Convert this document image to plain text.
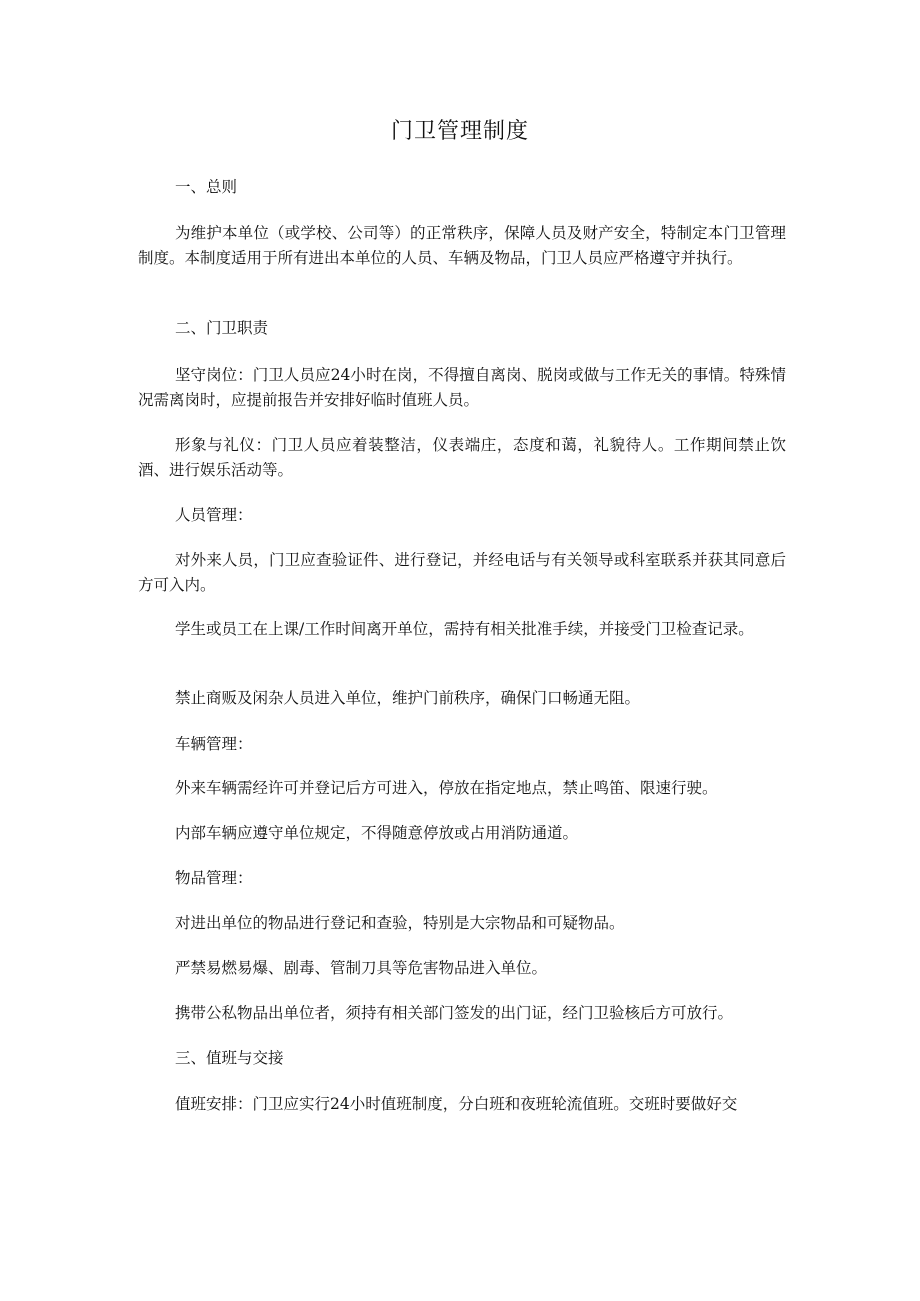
门卫管理制度
一、总则
为维护本单位（或学校、公司等）的正常秩序，保障人员及财产安全，特制定本门卫管理制度。本制度适用于所有进出本单位的人员、车辆及物品，门卫人员应严格遵守并执行。
二、门卫职责
坚守岗位：门卫人员应24小时在岗，不得擅自离岗、脱岗或做与工作无关的事情。特殊情况需离岗时，应提前报告并安排好临时值班人员。
形象与礼仪：门卫人员应着装整洁，仪表端庄，态度和蔼，礼貌待人。工作期间禁止饮酒、进行娱乐活动等。
人员管理：
对外来人员，门卫应查验证件、进行登记，并经电话与有关领导或科室联系并获其同意后方可入内。
学生或员工在上课/工作时间离开单位，需持有相关批准手续，并接受门卫检查记录。
禁止商贩及闲杂人员进入单位，维护门前秩序，确保门口畅通无阻。
车辆管理：
外来车辆需经许可并登记后方可进入，停放在指定地点，禁止鸣笛、限速行驶。
内部车辆应遵守单位规定，不得随意停放或占用消防通道。
物品管理：
对进出单位的物品进行登记和查验，特别是大宗物品和可疑物品。
严禁易燃易爆、剧毒、管制刀具等危害物品进入单位。
携带公私物品出单位者，须持有相关部门签发的出门证，经门卫验核后方可放行。
三、值班与交接
值班安排：门卫应实行24小时值班制度，分白班和夜班轮流值班。交班时要做好交
